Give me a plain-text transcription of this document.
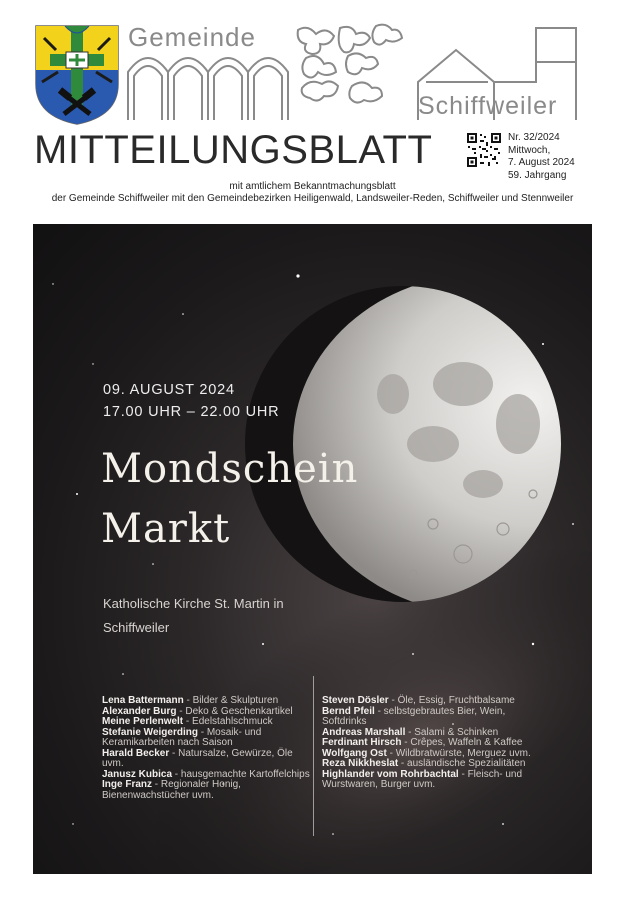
Gemeinde
Schiffweiler
MITTEILUNGSBLATT	Nr. 32/2024
Mittwoch,
7. August 2024
59. Jahrgang
mit amtlichem Bekanntmachungsblatt
der Gemeinde Schiffweiler mit den Gemeindebezirken Heiligenwald, Landsweiler-Reden, Schiffweiler und Stennweiler
09. AUGUST 2024
17.00 UHR – 22.00 UHR
Mondschein
Markt
Katholische Kirche St. Martin in
Schiffweiler

Lena Battermann - Bilder & Skulpturen

Alexander Burg - Deko & Geschenkartikel

Meine Perlenwelt - Edelstahlschmuck

Stefanie Weigerding - Mosaik- und Keramikarbeiten nach Saison

Harald Becker - Natursalze, Gewürze, Öle uvm.

Janusz Kubica - hausgemachte Kartoffelchips

Inge Franz - Regionaler Honig, Bienenwachstücher uvm.

Steven Dösler - Öle, Essig, Fruchtbalsame

Bernd Pfeil - selbstgebrautes Bier, Wein, Softdrinks

Andreas Marshall - Salami & Schinken

Ferdinant Hirsch - Crêpes, Waffeln & Kaffee

Wolfgang Ost - Wildbratwürste, Merguez uvm.

Reza Nikkheslat - ausländische Spezialitäten

Highlander vom Rohrbachtal - Fleisch- und Wurstwaren, Burger uvm.
